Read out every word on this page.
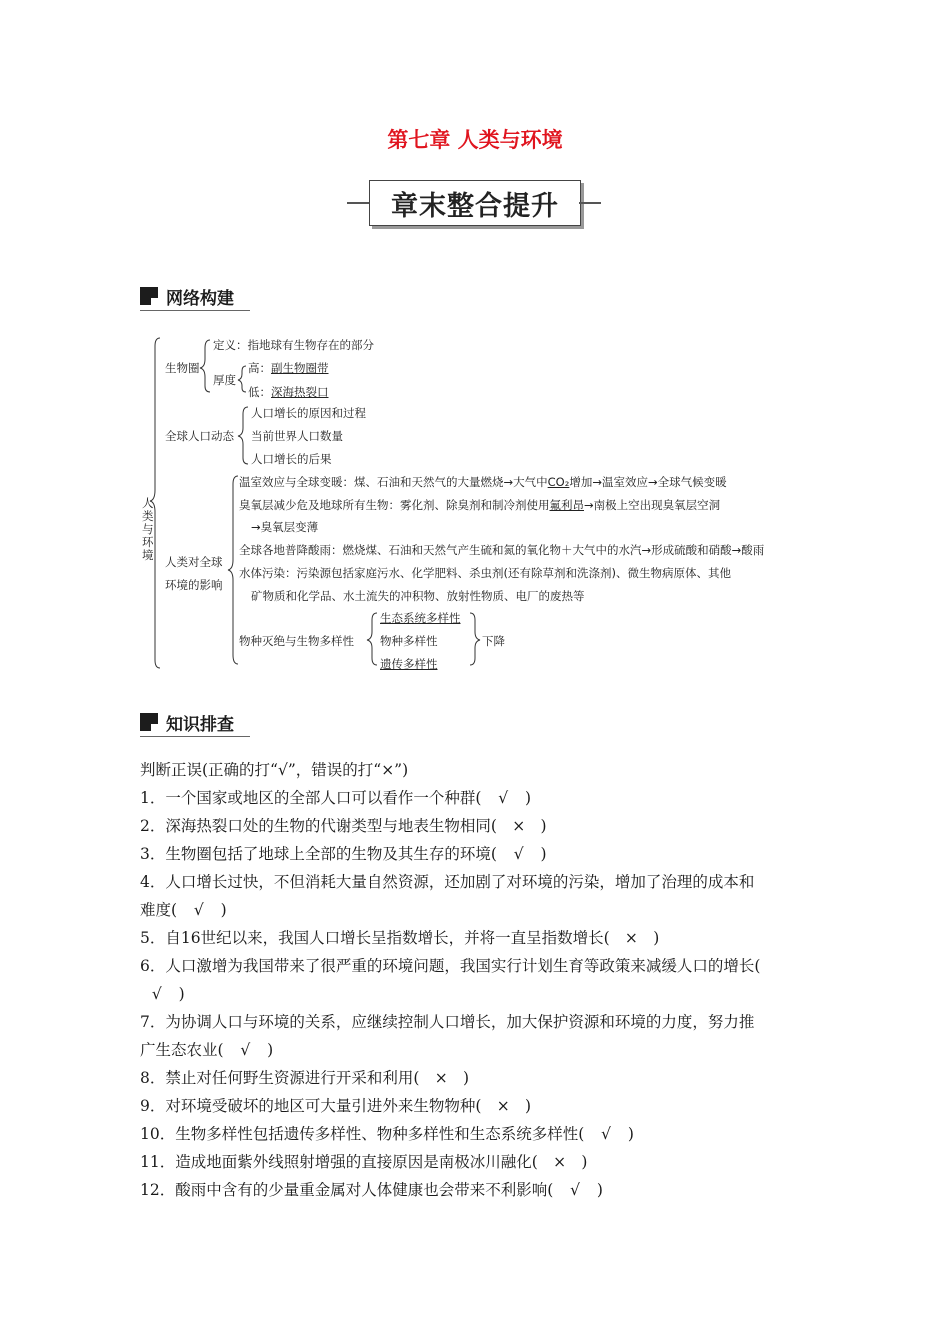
第七章 人类与环境
章末整合提升
网络构建
人类与环境
生物圈
定义：指地球有生物存在的部分
厚度
高：副生物圈带
低：深海热裂口
全球人口动态
人口增长的原因和过程
当前世界人口数量
人口增长的后果
人类对全球
环境的影响
温室效应与全球变暖：煤、石油和天然气的大量燃烧→大气中CO₂增加→温室效应→全球气候变暖
臭氧层减少危及地球所有生物：雾化剂、除臭剂和制冷剂使用氟利昂→南极上空出现臭氧层空洞
→臭氧层变薄
全球各地普降酸雨：燃烧煤、石油和天然气产生硫和氮的氧化物＋大气中的水汽→形成硫酸和硝酸→酸雨
水体污染：污染源包括家庭污水、化学肥料、杀虫剂(还有除草剂和洗涤剂)、微生物病原体、其他
矿物质和化学品、水土流失的冲积物、放射性物质、电厂的废热等
物种灭绝与生物多样性
生态系统多样性
物种多样性
遗传多样性
下降
知识排查
判断正误(正确的打“√”，错误的打“×”)
1．一个国家或地区的全部人口可以看作一个种群( √ )
2．深海热裂口处的生物的代谢类型与地表生物相同( × )
3．生物圈包括了地球上全部的生物及其生存的环境( √ )
4．人口增长过快，不但消耗大量自然资源，还加剧了对环境的污染，增加了治理的成本和
难度( √ )
5．自16世纪以来，我国人口增长呈指数增长，并将一直呈指数增长( × )
6．人口激增为我国带来了很严重的环境问题，我国实行计划生育等政策来减缓人口的增长(
√ )
7．为协调人口与环境的关系，应继续控制人口增长，加大保护资源和环境的力度，努力推
广生态农业( √ )
8．禁止对任何野生资源进行开采和利用( × )
9．对环境受破坏的地区可大量引进外来生物物种( × )
10．生物多样性包括遗传多样性、物种多样性和生态系统多样性( √ )
11．造成地面紫外线照射增强的直接原因是南极冰川融化( × )
12．酸雨中含有的少量重金属对人体健康也会带来不利影响( √ )
